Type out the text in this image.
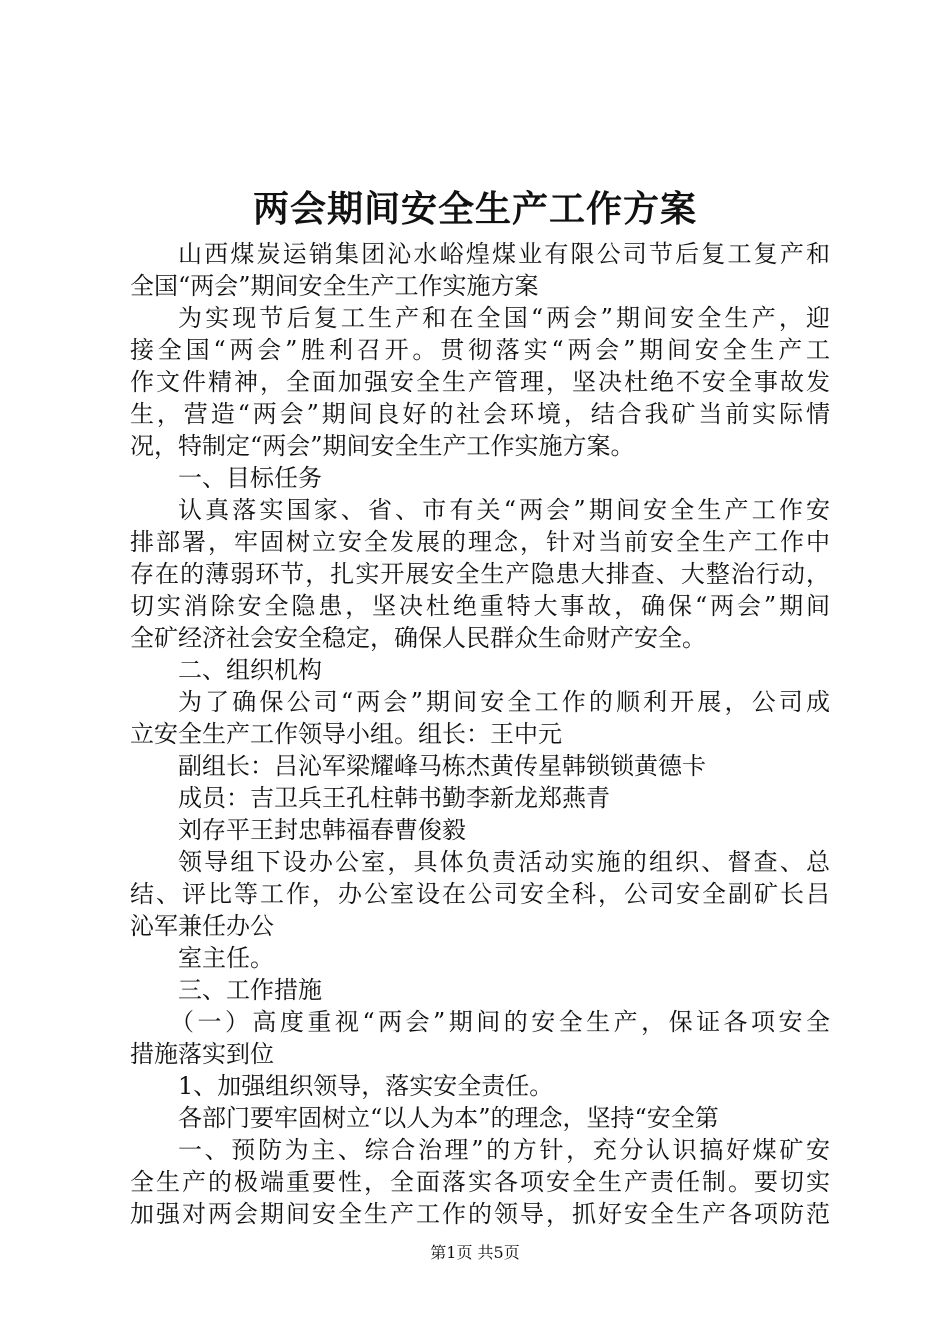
两会期间安全生产工作方案
山西煤炭运销集团沁水峪煌煤业有限公司节后复工复产和
全国“两会”期间安全生产工作实施方案
为实现节后复工生产和在全国“两会”期间安全生产，迎
接全国“两会”胜利召开。贯彻落实“两会”期间安全生产工
作文件精神，全面加强安全生产管理，坚决杜绝不安全事故发
生，营造“两会”期间良好的社会环境，结合我矿当前实际情
况，特制定“两会”期间安全生产工作实施方案。
一、目标任务
认真落实国家、省、市有关“两会”期间安全生产工作安
排部署，牢固树立安全发展的理念，针对当前安全生产工作中
存在的薄弱环节，扎实开展安全生产隐患大排查、大整治行动，
切实消除安全隐患，坚决杜绝重特大事故，确保“两会”期间
全矿经济社会安全稳定，确保人民群众生命财产安全。
二、组织机构
为了确保公司“两会”期间安全工作的顺利开展，公司成
立安全生产工作领导小组。组长：王中元
副组长：吕沁军梁耀峰马栋杰黄传星韩锁锁黄德卡
成员：吉卫兵王孔柱韩书勤李新龙郑燕青
刘存平王封忠韩福春曹俊毅
领导组下设办公室，具体负责活动实施的组织、督查、总
结、评比等工作，办公室设在公司安全科，公司安全副矿长吕
沁军兼任办公
室主任。
三、工作措施
（一）高度重视“两会”期间的安全生产，保证各项安全
措施落实到位
1、加强组织领导，落实安全责任。
各部门要牢固树立“以人为本”的理念，坚持“安全第
一、预防为主、综合治理”的方针，充分认识搞好煤矿安
全生产的极端重要性，全面落实各项安全生产责任制。要切实
加强对两会期间安全生产工作的领导，抓好安全生产各项防范
第1页 共5页
